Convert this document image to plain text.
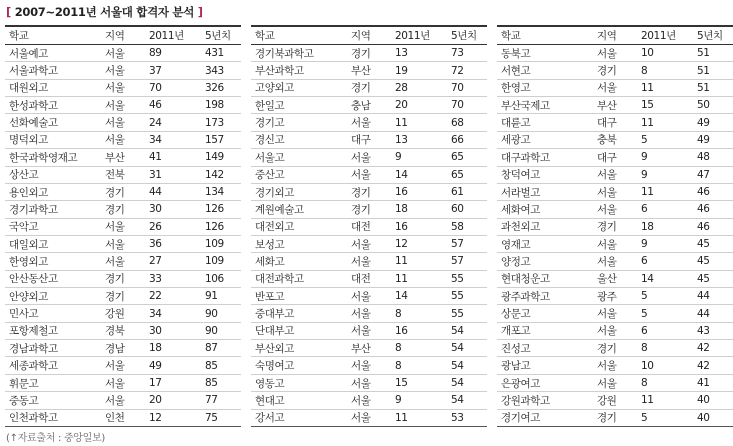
[ 2007~2011년 서울대 합격자 분석 ]
학교	지역	2011년	5년치
서울예고	서울	89	431
서울과학고	서울	37	343
대원외고	서울	70	326
한성과학고	서울	46	198
선화예술고	서울	24	173
명덕외고	서울	34	157
한국과학영재고	부산	41	149
상산고	전북	31	142
용인외고	경기	44	134
경기과학고	경기	30	126
국악고	서울	26	126
대일외고	서울	36	109
한영외고	서울	27	109
안산동산고	경기	33	106
안양외고	경기	22	91
민사고	강원	34	90
포항제철고	경북	30	90
경남과학고	경남	18	87
세종과학고	서울	49	85
휘문고	서울	17	85
중동고	서울	20	77
인천과학고	인천	12	75
학교	지역	2011년	5년치
경기북과학고	경기	13	73
부산과학고	부산	19	72
고양외고	경기	28	70
한일고	충남	20	70
경기고	서울	11	68
경신고	대구	13	66
서울고	서울	9	65
중산고	서울	14	65
경기외고	경기	16	61
계원예술고	경기	18	60
대전외고	대전	16	58
보성고	서울	12	57
세화고	서울	11	57
대전과학고	대전	11	55
반포고	서울	14	55
중대부고	서울	8	55
단대부고	서울	16	54
부산외고	부산	8	54
숙명여고	서울	8	54
영동고	서울	15	54
현대고	서울	9	54
강서고	서울	11	53
학교	지역	2011년	5년치
동북고	서울	10	51
서현고	경기	8	51
한영고	서울	11	51
부산국제고	부산	15	50
대륜고	대구	11	49
세광고	충북	5	49
대구과학고	대구	9	48
창덕여고	서울	9	47
서라벌고	서울	11	46
세화여고	서울	6	46
과천외고	경기	18	46
영재고	서울	9	45
양정고	서울	6	45
현대청운고	울산	14	45
광주과학고	광주	5	44
상문고	서울	5	44
개포고	서울	6	43
진성고	경기	8	42
광남고	서울	10	42
은광여고	서울	8	41
강원과학고	강원	11	40
경기여고	경기	5	40
(↑자료출처 : 중앙일보)
